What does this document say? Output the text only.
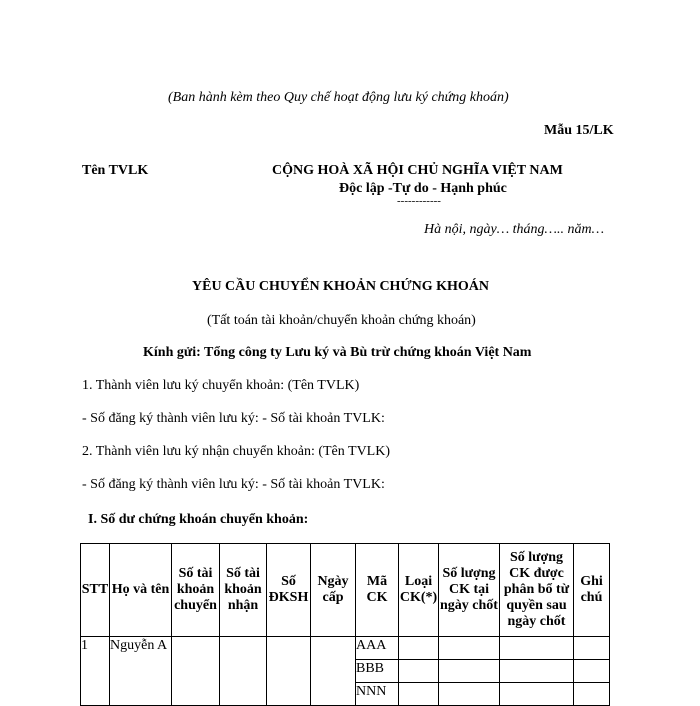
(Ban hành kèm theo Quy chế hoạt động lưu ký chứng khoán)
Mẫu 15/LK
Tên TVLK	CỘNG HOÀ XÃ HỘI CHỦ NGHĨA VIỆT NAM
Độc lập -Tự do - Hạnh phúc
------------
Hà nội, ngày… tháng….. năm…
YÊU CẦU CHUYỂN KHOẢN CHỨNG KHOÁN
(Tất toán tài khoản/chuyển khoản chứng khoán)
Kính gửi: Tổng công ty Lưu ký và Bù trừ chứng khoán Việt Nam
1. Thành viên lưu ký chuyển khoản: (Tên TVLK)
- Số đăng ký thành viên lưu ký: - Số tài khoản TVLK:
2. Thành viên lưu ký nhận chuyển khoản: (Tên TVLK)
- Số đăng ký thành viên lưu ký: - Số tài khoản TVLK:
I. Số dư chứng khoán chuyển khoản:
STT	Họ và tên	Số tài khoản chuyển	Số tài khoản nhận	Số ĐKSH	Ngày cấp	Mã CK	Loại CK(*)	Số lượng CK tại ngày chốt	Số lượng CK được phân bổ từ quyền sau ngày chốt	Ghi chú
1	Nguyễn A					AAA				
						BBB				
						NNN				
